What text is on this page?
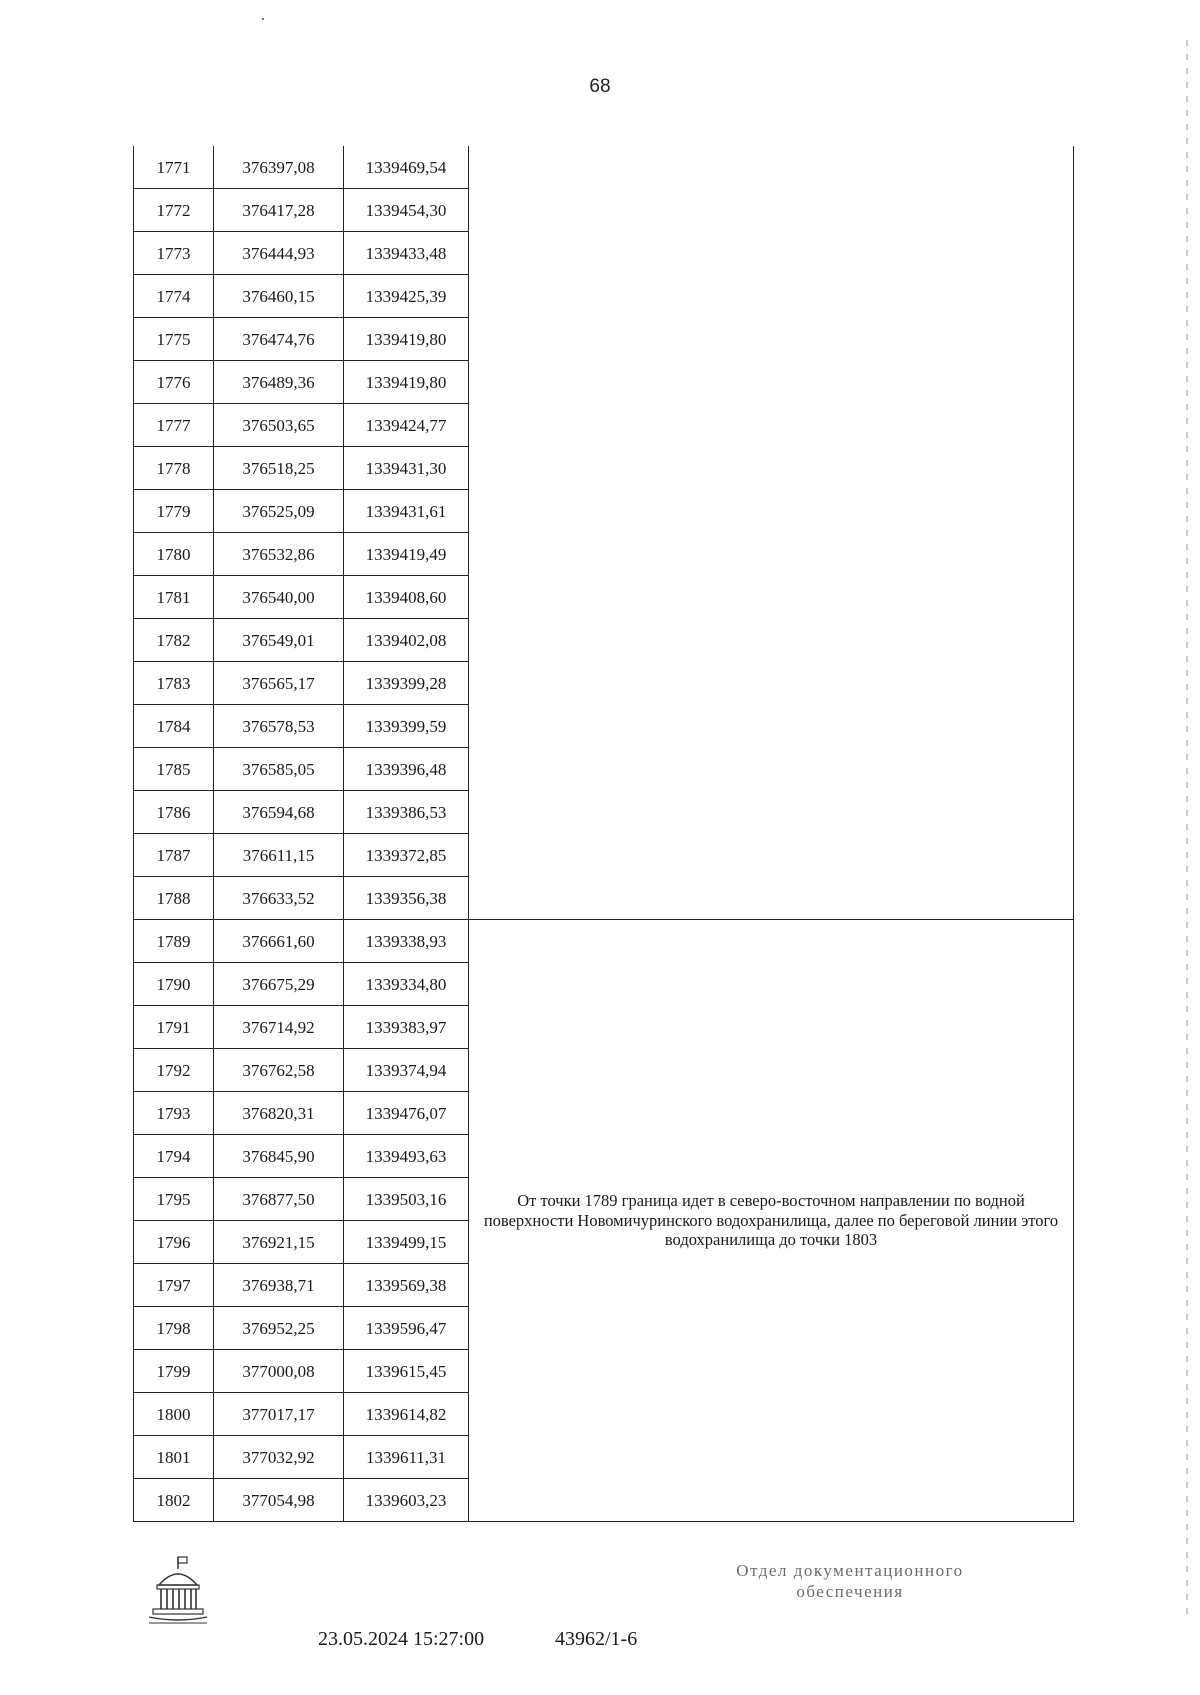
68
1771	376397,08	1339469,54	
1772	376417,28	1339454,30	
1773	376444,93	1339433,48	
1774	376460,15	1339425,39	
1775	376474,76	1339419,80	
1776	376489,36	1339419,80	
1777	376503,65	1339424,77	
1778	376518,25	1339431,30	
1779	376525,09	1339431,61	
1780	376532,86	1339419,49	
1781	376540,00	1339408,60	
1782	376549,01	1339402,08	
1783	376565,17	1339399,28	
1784	376578,53	1339399,59	
1785	376585,05	1339396,48	
1786	376594,68	1339386,53	
1787	376611,15	1339372,85	
1788	376633,52	1339356,38	
1789	376661,60	1339338,93	От точки 1789 граница идет в северо-восточном направлении по водной поверхности Новомичуринского водохранилища, далее по береговой линии этого водохранилища до точки 1803
1790	376675,29	1339334,80	
1791	376714,92	1339383,97	
1792	376762,58	1339374,94	
1793	376820,31	1339476,07	
1794	376845,90	1339493,63	
1795	376877,50	1339503,16	
1796	376921,15	1339499,15	
1797	376938,71	1339569,38	
1798	376952,25	1339596,47	
1799	377000,08	1339615,45	
1800	377017,17	1339614,82	
1801	377032,92	1339611,31	
1802	377054,98	1339603,23	
23.05.2024 15:27:00	43962/1-6
Отдел документационного
обеспечения
